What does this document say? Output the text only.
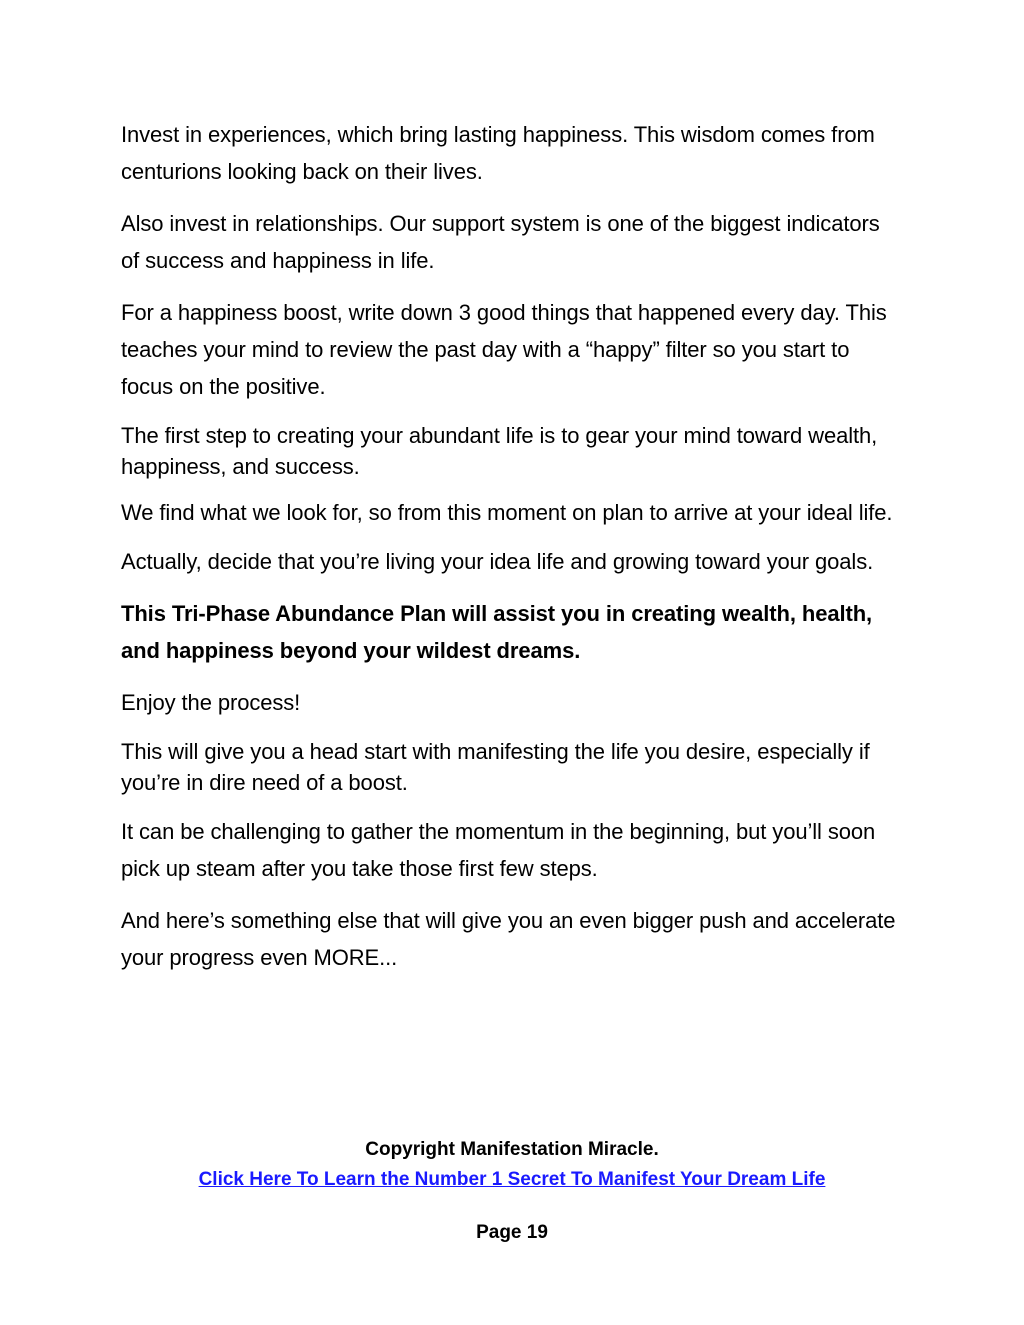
Invest in experiences, which bring lasting happiness. This wisdom comes from centurions looking back on their lives.

Also invest in relationships. Our support system is one of the biggest indicators of success and happiness in life.

For a happiness boost, write down 3 good things that happened every day. This teaches your mind to review the past day with a “happy” filter so you start to focus on the positive.

The first step to creating your abundant life is to gear your mind toward wealth, happiness, and success.

We find what we look for, so from this moment on plan to arrive at your ideal life.

Actually, decide that you’re living your idea life and growing toward your goals.

This Tri-Phase Abundance Plan will assist you in creating wealth, health, and happiness beyond your wildest dreams.

Enjoy the process!

This will give you a head start with manifesting the life you desire, especially if you’re in dire need of a boost.

It can be challenging to gather the momentum in the beginning, but you’ll soon pick up steam after you take those first few steps.

And here’s something else that will give you an even bigger push and accelerate your progress even MORE...

Copyright Manifestation Miracle.
Click Here To Learn the Number 1 Secret To Manifest Your Dream Life
Page 19
